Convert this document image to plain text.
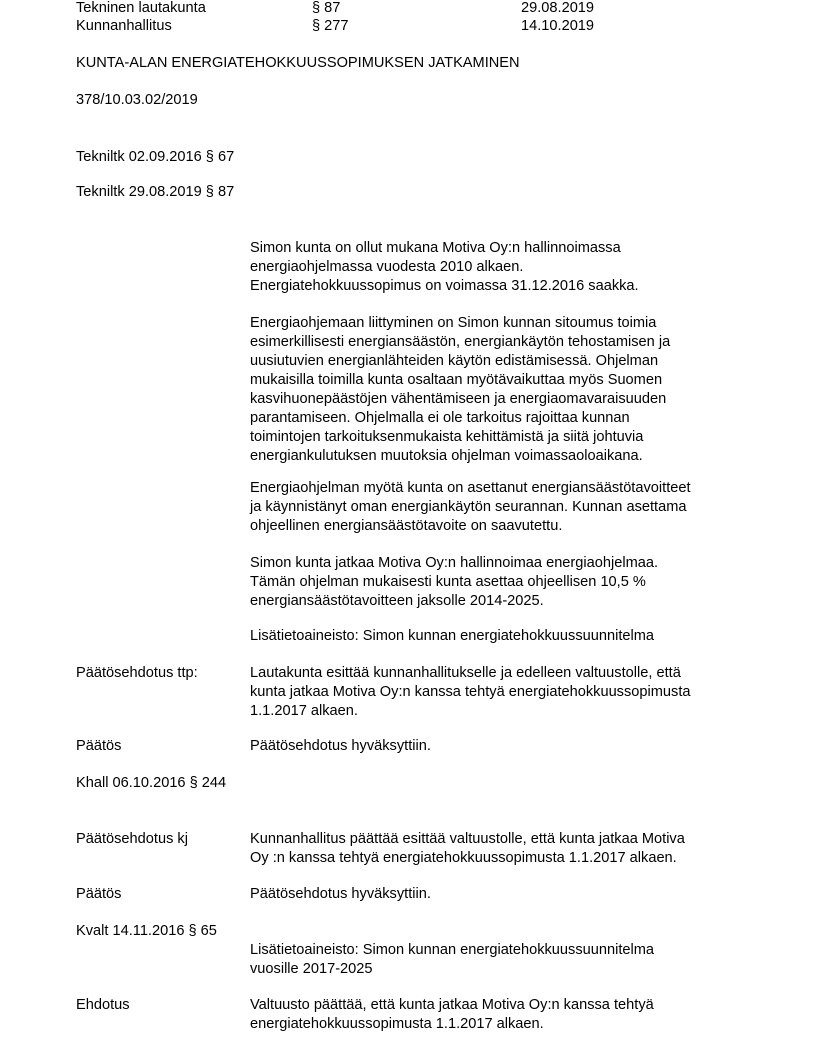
Tekninen lautakunta	§ 87	29.08.2019
Kunnanhallitus	§ 277	14.10.2019
KUNTA-ALAN ENERGIATEHOKKUUSSOPIMUKSEN JATKAMINEN
378/10.03.02/2019
Tekniltk 02.09.2016 § 67
Tekniltk 29.08.2019 § 87
Simon kunta on ollut mukana Motiva Oy:n hallinnoimassa
energiaohjelmassa vuodesta 2010 alkaen.
Energiatehokkuussopimus on voimassa 31.12.2016 saakka.
Energiaohjemaan liittyminen on Simon kunnan sitoumus toimia
esimerkillisesti energiansäästön, energiankäytön tehostamisen ja
uusiutuvien energianlähteiden käytön edistämisessä. Ohjelman
mukaisilla toimilla kunta osaltaan myötävaikuttaa myös Suomen
kasvihuonepäästöjen vähentämiseen ja energiaomavaraisuuden
parantamiseen. Ohjelmalla ei ole tarkoitus rajoittaa kunnan
toimintojen tarkoituksenmukaista kehittämistä ja siitä johtuvia
energiankulutuksen muutoksia ohjelman voimassaoloaikana.
Energiaohjelman myötä kunta on asettanut energiansäästötavoitteet
ja käynnistänyt oman energiankäytön seurannan. Kunnan asettama
ohjeellinen energiansäästötavoite on saavutettu.
Simon kunta jatkaa Motiva Oy:n hallinnoimaa energiaohjelmaa.
Tämän ohjelman mukaisesti kunta asettaa ohjeellisen 10,5 %
energiansäästötavoitteen jaksolle 2014-2025.
Lisätietoaineisto: Simon kunnan energiatehokkuussuunnitelma
Päätösehdotus ttp:	Lautakunta esittää kunnanhallitukselle ja edelleen valtuustolle, että
kunta jatkaa Motiva Oy:n kanssa tehtyä energiatehokkuussopimusta
1.1.2017 alkaen.
Päätös	Päätösehdotus hyväksyttiin.
Khall 06.10.2016 § 244
Päätösehdotus kj	Kunnanhallitus päättää esittää valtuustolle, että kunta jatkaa Motiva
Oy :n kanssa tehtyä energiatehokkuussopimusta 1.1.2017 alkaen.
Päätös	Päätösehdotus hyväksyttiin.
Kvalt 14.11.2016 § 65
Lisätietoaineisto: Simon kunnan energiatehokkuussuunnitelma
vuosille 2017-2025
Ehdotus	Valtuusto päättää, että kunta jatkaa Motiva Oy:n kanssa tehtyä
energiatehokkuussopimusta 1.1.2017 alkaen.
